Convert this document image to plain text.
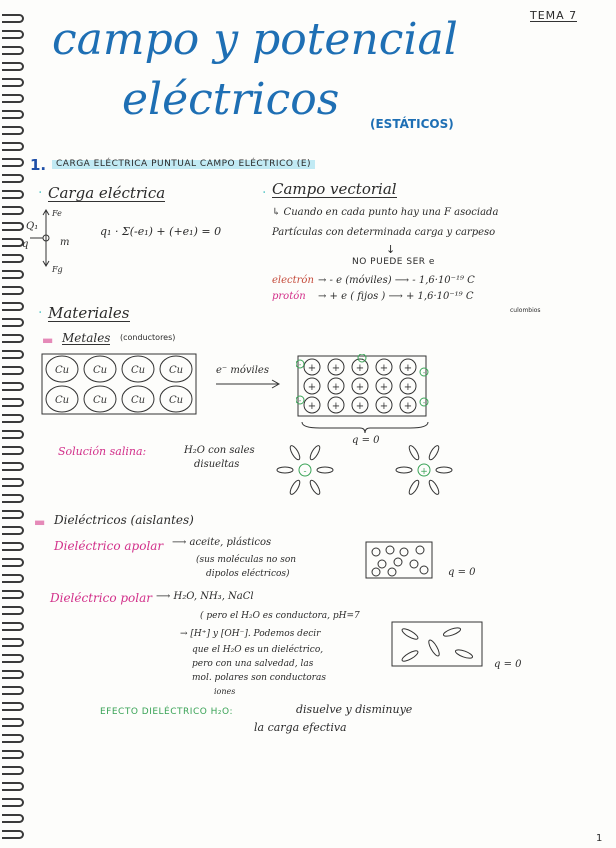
TEMA 7
campo y potencial
eléctricos	(ESTÁTICOS)
1.	CARGA ELÉCTRICA PUNTUAL CAMPO ELÉCTRICO (E)
· Carga eléctrica
Q₁
q
Fe
m
Fg
q₁ · Σ(-e₁) + (+e₁) = 0
· Campo vectorial
↳ Cuando en cada punto hay una F asociada
Partículas con determinada carga y carpeso
↓
NO PUEDE SER e
electrón → - e (móviles) ⟶ - 1,6·10⁻¹⁹ C
protón → + e ( fijos ) ⟶ + 1,6·10⁻¹⁹ C
culombios
· Materiales
▬ Metales (conductores)
Cu Cu Cu Cu
Cu Cu Cu Cu
e⁻ móviles	+ + + + +
+ + + + +
+ + + + +
-
-
-
-
-
q = 0
Solución salina:	H₂O con sales
disueltas
-	+
▬ Dieléctricos (aislantes)
Dieléctrico apolar ⟶ aceite, plásticos
(sus moléculas no son
dipolos eléctricos)	q = 0
Dieléctrico polar ⟶ H₂O, NH₃, NaCl
( pero el H₂O es conductora, pH=7
→ [H⁺] y [OH⁻]. Podemos decir
que el H₂O es un dieléctrico,
pero con una salvedad, las
mol. polares son conductoras
iones
q = 0
EFECTO DIELÉCTRICO H₂O:	disuelve y disminuye
la carga efectiva
1
